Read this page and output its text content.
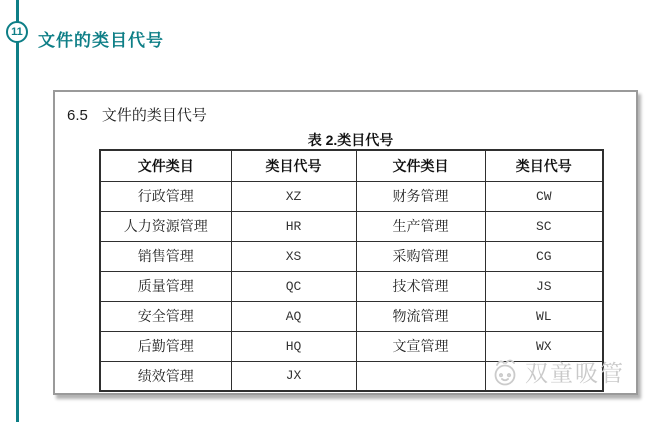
11 文件的类目代号
6.5 文件的类目代号
表 2.类目代号
文件类目	类目代号	文件类目	类目代号
行政管理	XZ	财务管理	CW
人力资源管理	HR	生产管理	SC
销售管理	XS	采购管理	CG
质量管理	QC	技术管理	JS
安全管理	AQ	物流管理	WL
后勤管理	HQ	文宣管理	WX
绩效管理	JX			双童吸管
